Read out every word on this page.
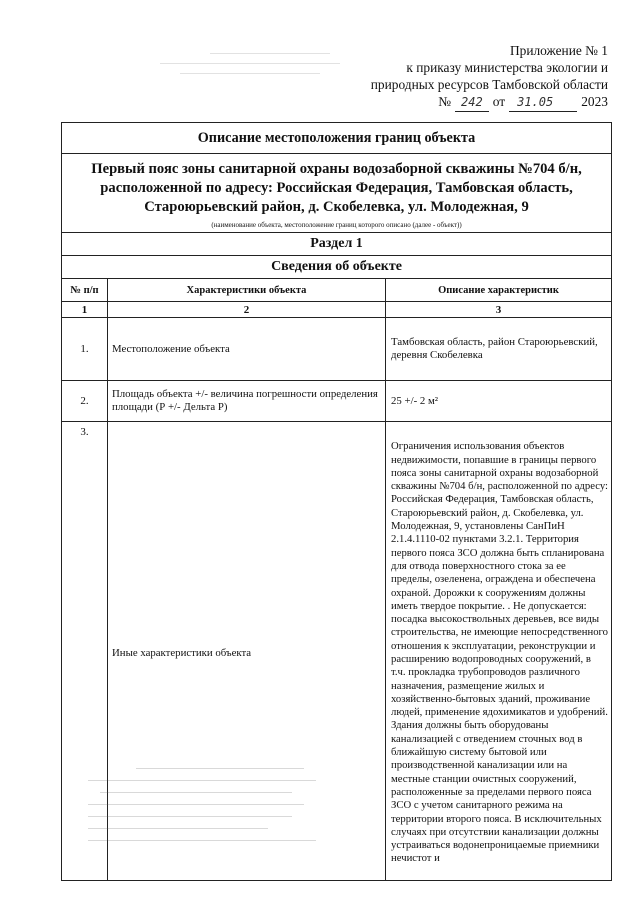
Приложение № 1
к приказу министерства экологии и
природных ресурсов Тамбовской области
№ 242 от	31.05	2023
Описание местоположения границ объекта		
Первый пояс зоны санитарной охраны водозаборной скважины №704 б/н, расположенной по адресу: Российская Федерация, Тамбовская область, Староюрьевский район, д. Скобелевка, ул. Молодежная, 9
(наименование объекта, местоположение границ которого описано (далее - объект))		

Раздел 1		
Сведения об объекте		
№ п/п	Характеристики объекта	Описание характеристик
1	2	3
1.	Местоположение объекта	Тамбовская область, район Староюрьевский, деревня Скобелевка
2.	Площадь объекта +/- величина погрешности определения площади (Р +/- Дельта Р)	25 +/- 2 м²
3.	Иные характеристики объекта	Ограничения использования объектов недвижимости, попавшие в границы первого пояса зоны санитарной охраны водозаборной скважины №704 б/н, расположенной по адресу: Российская Федерация, Тамбовская область, Староюрьевский район, д. Скобелевка, ул. Молодежная, 9, установлены СанПиН 2.1.4.1110-02 пунктами 3.2.1. Территория первого пояса ЗСО должна быть спланирована для отвода поверхностного стока за ее пределы, озеленена, ограждена и обеспечена охраной. Дорожки к сооружениям должны иметь твердое покрытие. . Не допускается: посадка высокоствольных деревьев, все виды строительства, не имеющие непосредственного отношения к эксплуатации, реконструкции и расширению водопроводных сооружений, в т.ч. прокладка трубопроводов различного назначения, размещение жилых и хозяйственно-бытовых зданий, проживание людей, применение ядохимикатов и удобрений. Здания должны быть оборудованы канализацией с отведением сточных вод в ближайшую систему бытовой или производственной канализации или на местные станции очистных сооружений, расположенные за пределами первого пояса ЗСО с учетом санитарного режима на территории второго пояса. В исключительных случаях при отсутствии канализации должны устраиваться водонепроницаемые приемники нечистот и
